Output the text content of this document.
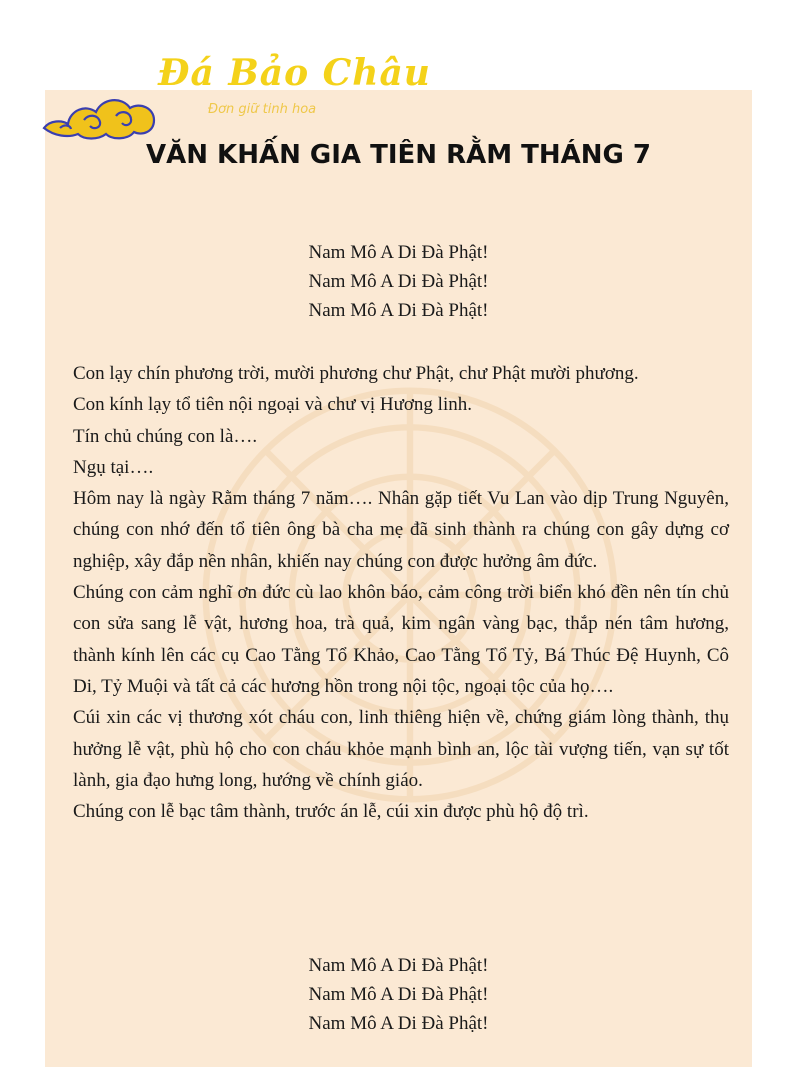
Đá Bảo Châu
Đơn giữ tinh hoa
VĂN KHẤN GIA TIÊN RẰM THÁNG 7
Nam Mô A Di Đà Phật!
Nam Mô A Di Đà Phật!
Nam Mô A Di Đà Phật!

Con lạy chín phương trời, mười phương chư Phật, chư Phật mười phương.

Con kính lạy tổ tiên nội ngoại và chư vị Hương linh.

Tín chủ chúng con là….

Ngụ tại….

Hôm nay là ngày Rằm tháng 7 năm…. Nhân gặp tiết Vu Lan vào dịp Trung Nguyên, chúng con nhớ đến tổ tiên ông bà cha mẹ đã sinh thành ra chúng con gây dựng cơ nghiệp, xây đắp nền nhân, khiến nay chúng con được hưởng âm đức.

Chúng con cảm nghĩ ơn đức cù lao khôn báo, cảm công trời biển khó đền nên tín chủ con sửa sang lễ vật, hương hoa, trà quả, kim ngân vàng bạc, thắp nén tâm hương, thành kính lên các cụ Cao Tằng Tổ Khảo, Cao Tằng Tổ Tỷ, Bá Thúc Đệ Huynh, Cô Di, Tỷ Muội và tất cả các hương hồn trong nội tộc, ngoại tộc của họ….

Cúi xin các vị thương xót cháu con, linh thiêng hiện về, chứng giám lòng thành, thụ hưởng lễ vật, phù hộ cho con cháu khỏe mạnh bình an, lộc tài vượng tiến, vạn sự tốt lành, gia đạo hưng long, hướng về chính giáo.

Chúng con lễ bạc tâm thành, trước án lễ, cúi xin được phù hộ độ trì.

Nam Mô A Di Đà Phật!
Nam Mô A Di Đà Phật!
Nam Mô A Di Đà Phật!
